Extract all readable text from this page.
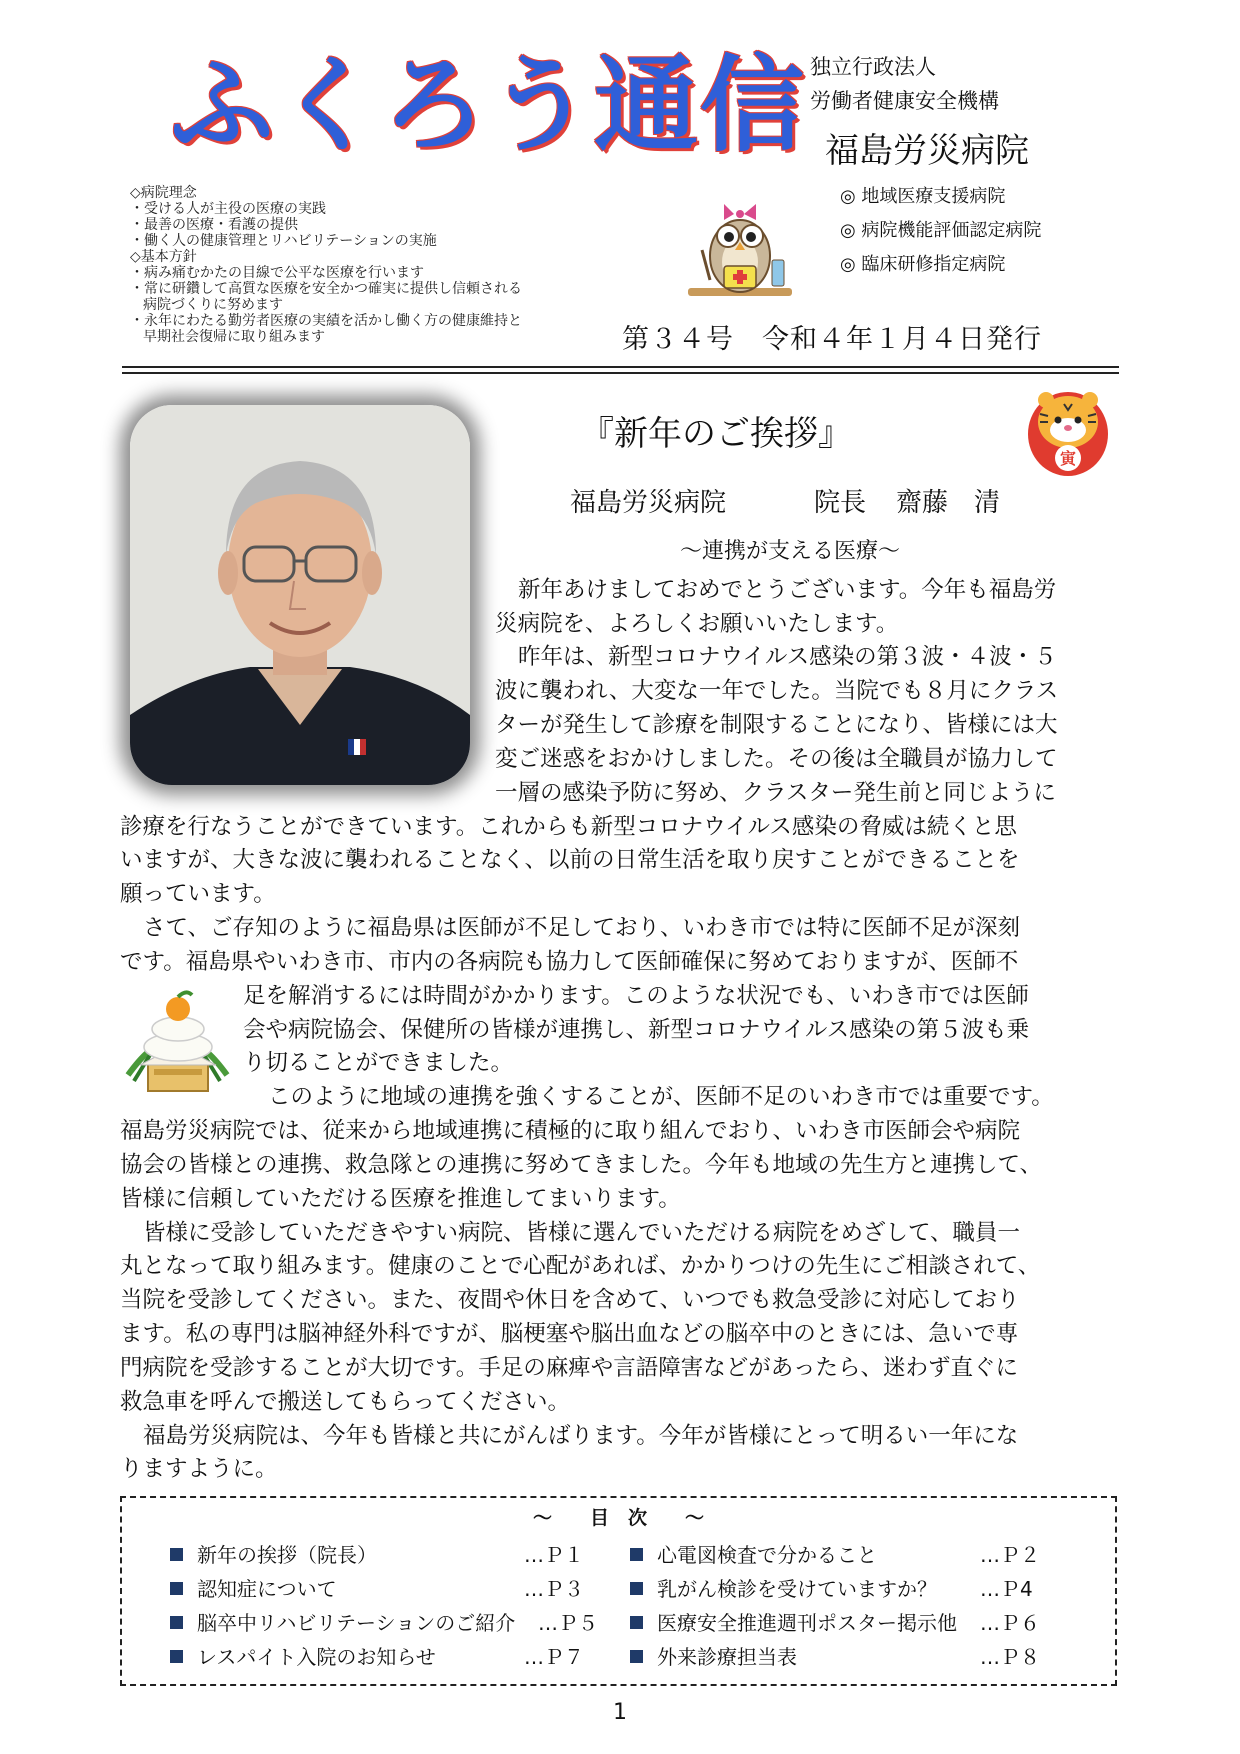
ふくろう通信 独立行政法人
労働者健康安全機構
福島労災病院
◎ 地域医療支援病院
◎ 病院機能評価認定病院
◎ 臨床研修指定病院
◇病院理念
・受ける人が主役の医療の実践
・最善の医療・看護の提供
・働く人の健康管理とリハビリテーションの実施
◇基本方針
・病み痛むかたの目線で公平な医療を行います
・常に研鑽して高質な医療を安全かつ確実に提供し信頼される
病院づくりに努めます
・永年にわたる勤労者医療の実績を活かし働く方の健康維持と
早期社会復帰に取り組みます	第３４号　令和４年１月４日発行
寅
『新年のご挨拶』
福島労災病院	院長 齋藤　清
～連携が支える医療～
新年あけましておめでとうございます。今年も福島労
災病院を、よろしくお願いいたします。
昨年は、新型コロナウイルス感染の第３波・４波・５
波に襲われ、大変な一年でした。当院でも８月にクラス
ターが発生して診療を制限することになり、皆様には大
変ご迷惑をおかけしました。その後は全職員が協力して
一層の感染予防に努め、クラスター発生前と同じように
診療を行なうことができています。これからも新型コロナウイルス感染の脅威は続くと思
いますが、大きな波に襲われることなく、以前の日常生活を取り戻すことができることを
願っています。
さて、ご存知のように福島県は医師が不足しており、いわき市では特に医師不足が深刻
です。福島県やいわき市、市内の各病院も協力して医師確保に努めておりますが、医師不
足を解消するには時間がかかります。このような状況でも、いわき市では医師
会や病院協会、保健所の皆様が連携し、新型コロナウイルス感染の第５波も乗
り切ることができました。
このように地域の連携を強くすることが、医師不足のいわき市では重要です。
福島労災病院では、従来から地域連携に積極的に取り組んでおり、いわき市医師会や病院
協会の皆様との連携、救急隊との連携に努めてきました。今年も地域の先生方と連携して、
皆様に信頼していただける医療を推進してまいります。
皆様に受診していただきやすい病院、皆様に選んでいただける病院をめざして、職員一
丸となって取り組みます。健康のことで心配があれば、かかりつけの先生にご相談されて、
当院を受診してください。また、夜間や休日を含めて、いつでも救急受診に対応しており
ます。私の専門は脳神経外科ですが、脳梗塞や脳出血などの脳卒中のときには、急いで専
門病院を受診することが大切です。手足の麻痺や言語障害などがあったら、迷わず直ぐに
救急車を呼んで搬送してもらってください。
福島労災病院は、今年も皆様と共にがんばります。今年が皆様にとって明るい一年にな
りますように。
～　　目　次　　～
新年の挨拶（院長）	…Ｐ１	心電図検査で分かること	…Ｐ２
認知症について	…Ｐ３	乳がん検診を受けていますか？ …Ｐ4
脳卒中リハビリテーションのご紹介 …Ｐ５	医療安全推進週刊ポスター掲示他 …Ｐ６
レスパイト入院のお知らせ	…Ｐ７	外来診療担当表	…Ｐ８
1
